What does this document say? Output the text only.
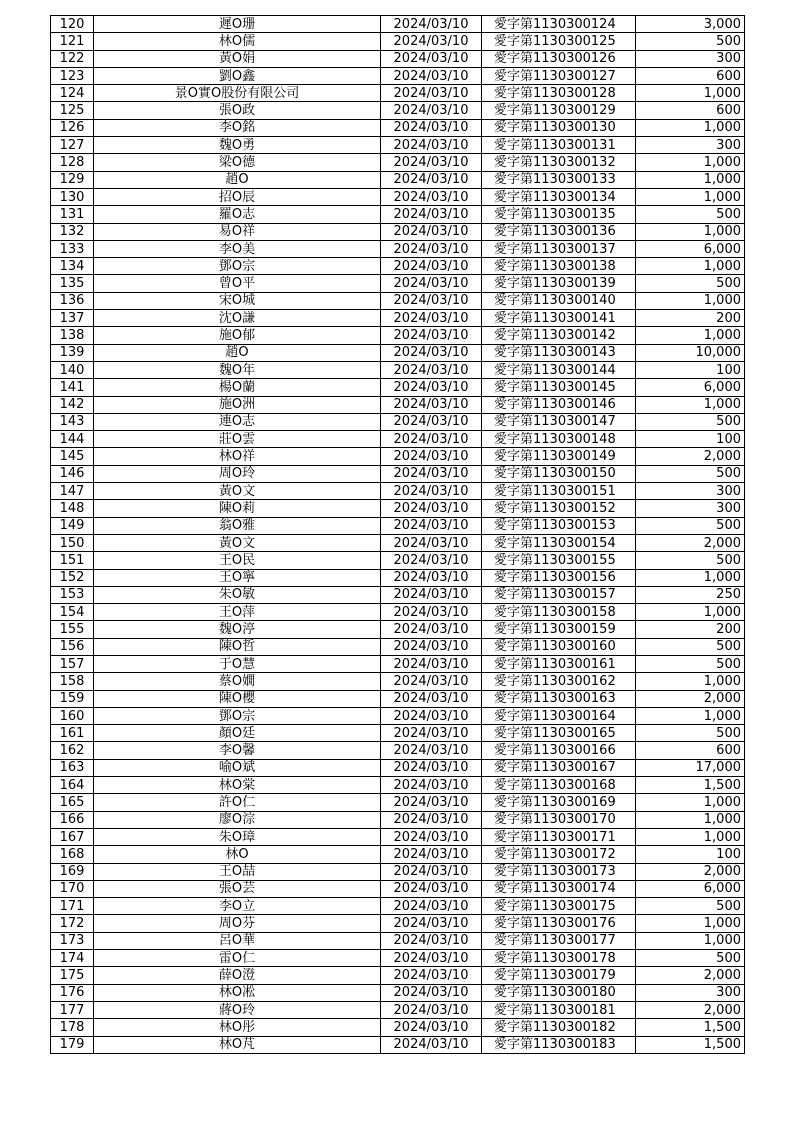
120	遲O珊	2024/03/10	愛字第1130300124	3,000
121	林O儒	2024/03/10	愛字第1130300125	500
122	黃O娟	2024/03/10	愛字第1130300126	300
123	劉O鑫	2024/03/10	愛字第1130300127	600
124	景O實O股份有限公司	2024/03/10	愛字第1130300128	1,000
125	張O政	2024/03/10	愛字第1130300129	600
126	李O銘	2024/03/10	愛字第1130300130	1,000
127	魏O勇	2024/03/10	愛字第1130300131	300
128	梁O德	2024/03/10	愛字第1130300132	1,000
129	趙O	2024/03/10	愛字第1130300133	1,000
130	招O辰	2024/03/10	愛字第1130300134	1,000
131	羅O志	2024/03/10	愛字第1130300135	500
132	易O祥	2024/03/10	愛字第1130300136	1,000
133	李O美	2024/03/10	愛字第1130300137	6,000
134	鄧O宗	2024/03/10	愛字第1130300138	1,000
135	曾O平	2024/03/10	愛字第1130300139	500
136	宋O城	2024/03/10	愛字第1130300140	1,000
137	沈O謙	2024/03/10	愛字第1130300141	200
138	施O郁	2024/03/10	愛字第1130300142	1,000
139	趙O	2024/03/10	愛字第1130300143	10,000
140	魏O年	2024/03/10	愛字第1130300144	100
141	楊O蘭	2024/03/10	愛字第1130300145	6,000
142	施O洲	2024/03/10	愛字第1130300146	1,000
143	連O志	2024/03/10	愛字第1130300147	500
144	莊O雲	2024/03/10	愛字第1130300148	100
145	林O祥	2024/03/10	愛字第1130300149	2,000
146	周O玲	2024/03/10	愛字第1130300150	500
147	黃O文	2024/03/10	愛字第1130300151	300
148	陳O莉	2024/03/10	愛字第1130300152	300
149	翁O雅	2024/03/10	愛字第1130300153	500
150	黃O文	2024/03/10	愛字第1130300154	2,000
151	王O民	2024/03/10	愛字第1130300155	500
152	王O寧	2024/03/10	愛字第1130300156	1,000
153	朱O敏	2024/03/10	愛字第1130300157	250
154	王O萍	2024/03/10	愛字第1130300158	1,000
155	魏O渟	2024/03/10	愛字第1130300159	200
156	陳O哲	2024/03/10	愛字第1130300160	500
157	于O慧	2024/03/10	愛字第1130300161	500
158	蔡O嫺	2024/03/10	愛字第1130300162	1,000
159	陳O櫻	2024/03/10	愛字第1130300163	2,000
160	鄧O宗	2024/03/10	愛字第1130300164	1,000
161	顏O廷	2024/03/10	愛字第1130300165	500
162	李O馨	2024/03/10	愛字第1130300166	600
163	喻O斌	2024/03/10	愛字第1130300167	17,000
164	林O棠	2024/03/10	愛字第1130300168	1,500
165	許O仁	2024/03/10	愛字第1130300169	1,000
166	廖O淙	2024/03/10	愛字第1130300170	1,000
167	朱O璋	2024/03/10	愛字第1130300171	1,000
168	林O	2024/03/10	愛字第1130300172	100
169	王O喆	2024/03/10	愛字第1130300173	2,000
170	張O芸	2024/03/10	愛字第1130300174	6,000
171	李O立	2024/03/10	愛字第1130300175	500
172	周O芬	2024/03/10	愛字第1130300176	1,000
173	呂O華	2024/03/10	愛字第1130300177	1,000
174	雷O仁	2024/03/10	愛字第1130300178	500
175	薛O澄	2024/03/10	愛字第1130300179	2,000
176	林O凇	2024/03/10	愛字第1130300180	300
177	蔣O玲	2024/03/10	愛字第1130300181	2,000
178	林O彤	2024/03/10	愛字第1130300182	1,500
179	林O芃	2024/03/10	愛字第1130300183	1,500
